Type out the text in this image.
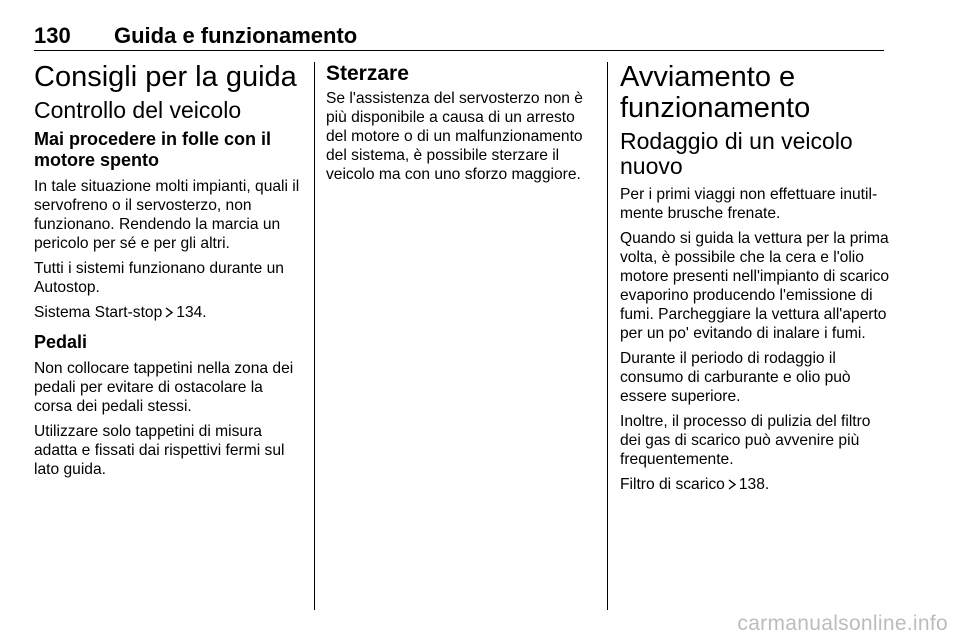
130 Guida e funzionamento
Consigli per la guida
Controllo del veicolo
Mai procedere in folle con il motore spento

In tale situazione molti impianti, quali il servofreno o il servosterzo, non funzionano. Rendendo la marcia un pericolo per sé e per gli altri.

Tutti i sistemi funzionano durante un Autostop.

Sistema Start-stop 134.

Pedali

Non collocare tappetini nella zona dei pedali per evitare di ostacolare la corsa dei pedali stessi.

Utilizzare solo tappetini di misura adatta e fissati dai rispettivi fermi sul lato guida.

Sterzare

Se l'assistenza del servosterzo non è più disponibile a causa di un arresto del motore o di un malfunzionamento del sistema, è possibile sterzare il veicolo ma con uno sforzo maggiore.

Avviamento e funzionamento
Rodaggio di un veicolo nuovo

Per i primi viaggi non effettuare inutilmente brusche frenate.

Quando si guida la vettura per la prima volta, è possibile che la cera e l'olio motore presenti nell'impianto di scarico evaporino producendo l'emissione di fumi. Parcheggiare la vettura all'aperto per un po' evitando di inalare i fumi.

Durante il periodo di rodaggio il consumo di carburante e olio può essere superiore.

Inoltre, il processo di pulizia del filtro dei gas di scarico può avvenire più frequentemente.

Filtro di scarico 138.

carmanualsonline.info
